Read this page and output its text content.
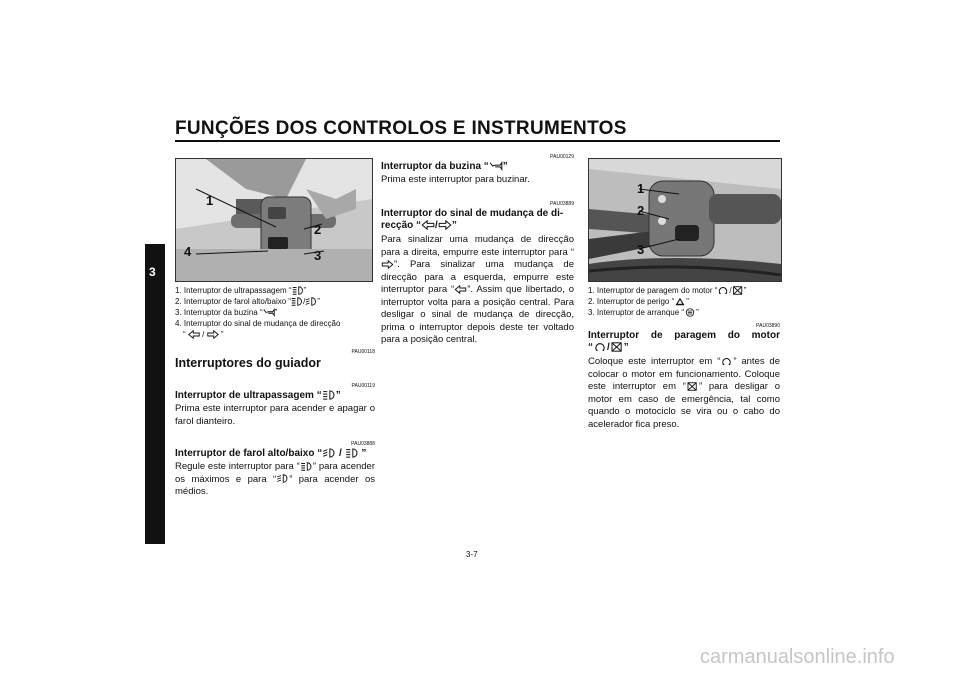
FUNÇÕES DOS CONTROLOS E INSTRUMENTOS
3
1
2
3
4
1. Interruptor de ultrapassagem “ ”
2. Interruptor de farol alto/baixo “ / ”
3. Interruptor da buzina “ ”
4. Interruptor do sinal de mudança de direcção
“  / ”
PAU00118
Interruptores do guiador
PAU00119
Interruptor de ultrapassagem “ ”
Prima este interruptor para acender e apagar o farol dianteiro.
PAU03888
Interruptor de farol alto/baixo “ / ”
Regule este interruptor para “ ” para acender os máximos e para “ ” para acender os médios.
PAU00129
Interruptor da buzina “ ”
Prima este interruptor para buzinar.
PAU03889
Interruptor do sinal de mudança de di-
recção “ / ”
Para sinalizar uma mudança de direcção para a direita, empurre este interruptor para “”. Para sinalizar uma mudança de direcção para a esquerda, empurre este interruptor para “ ”. Assim que libertado, o interruptor volta para a posição central. Para desligar o sinal de mudança de direcção, prima o interruptor depois deste ter voltado para a posição central.
1
2
3
1. Interruptor de paragem do motor “ / ”
2. Interruptor de perigo “ ”
3. Interruptor de arranque “ ”
PAU03890
Interruptor de paragem do motor
“ / ”
Coloque este interruptor em “ ” antes de colocar o motor em funcionamento. Coloque este interruptor em “ ” para desligar o motor em caso de emergência, tal como quando o motociclo se vira ou o cabo do acelerador fica preso.
3-7
carmanualsonline.info
